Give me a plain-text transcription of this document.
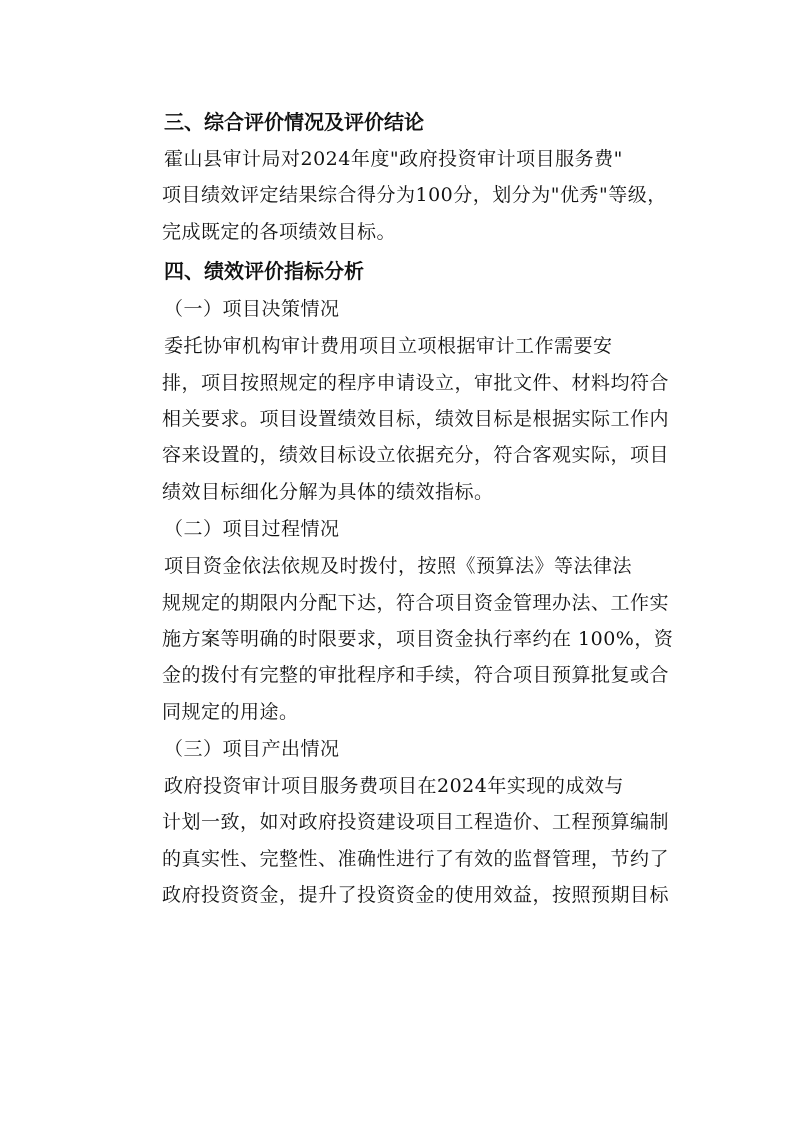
三、综合评价情况及评价结论
霍山县审计局对2024年度"政府投资审计项目服务费"
项目绩效评定结果综合得分为100分，划分为"优秀"等级，
完成既定的各项绩效目标。
四、绩效评价指标分析

（一）项目决策情况

委托协审机构审计费用项目立项根据审计工作需要安
排，项目按照规定的程序申请设立，审批文件、材料均符合
相关要求。项目设置绩效目标，绩效目标是根据实际工作内
容来设置的，绩效目标设立依据充分，符合客观实际，项目
绩效目标细化分解为具体的绩效指标。

（二）项目过程情况

项目资金依法依规及时拨付，按照《预算法》等法律法
规规定的期限内分配下达，符合项目资金管理办法、工作实
施方案等明确的时限要求，项目资金执行率约在 100%，资
金的拨付有完整的审批程序和手续，符合项目预算批复或合
同规定的用途。

（三）项目产出情况

政府投资审计项目服务费项目在2024年实现的成效与
计划一致，如对政府投资建设项目工程造价、工程预算编制
的真实性、完整性、准确性进行了有效的监督管理，节约了
政府投资资金，提升了投资资金的使用效益，按照预期目标
